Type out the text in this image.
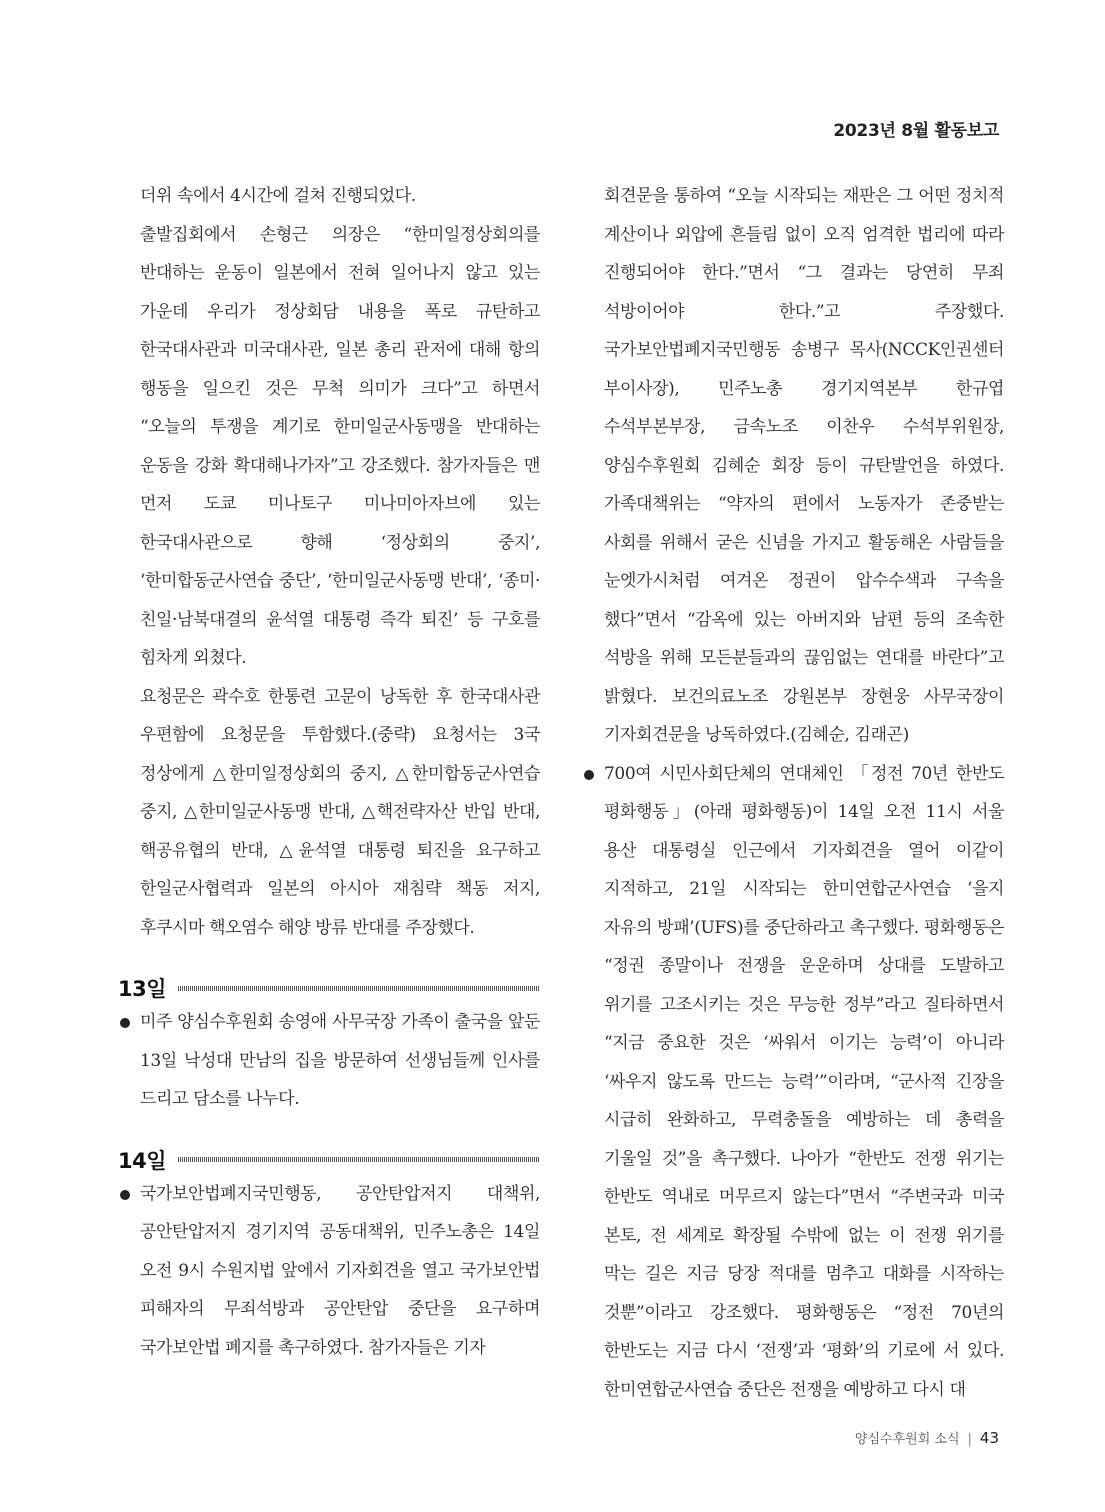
2023년 8월 활동보고

더위 속에서 4시간에 걸쳐 진행되었다.

출발집회에서 손형근 의장은 “한미일정상회의를 반대하는 운동이 일본에서 전혀 일어나지 않고 있는 가운데 우리가 정상회담 내용을 폭로 규탄하고 한국대사관과 미국대사관, 일본 총리 관저에 대해 항의 행동을 일으킨 것은 무척 의미가 크다”고 하면서 “오늘의 투쟁을 계기로 한미일군사동맹을 반대하는 운동을 강화 확대해나가자”고 강조했다. 참가자들은 맨 먼저 도쿄 미나토구 미나미아자브에 있는 한국대사관으로 향해 ‘정상회의 중지’, ‘한미합동군사연습 중단’, ‘한미일군사동맹 반대’, ‘종미·친일·남북대결의 윤석열 대통령 즉각 퇴진’ 등 구호를 힘차게 외쳤다.

요청문은 곽수호 한통련 고문이 낭독한 후 한국대사관 우편함에 요청문을 투함했다.(중략) 요청서는 3국 정상에게 △한미일정상회의 중지, △한미합동군사연습 중지, △한미일군사동맹 반대, △핵전략자산 반입 반대, 핵공유협의 반대, △윤석열 대통령 퇴진을 요구하고 한일군사협력과 일본의 아시아 재침략 책동 저지, 후쿠시마 핵오염수 해양 방류 반대를 주장했다.

13일

미주 양심수후원회 송영애 사무국장 가족이 출국을 앞둔 13일 낙성대 만남의 집을 방문하여 선생님들께 인사를 드리고 담소를 나누다.

14일

국가보안법폐지국민행동, 공안탄압저지 대책위, 공안탄압저지 경기지역 공동대책위, 민주노총은 14일 오전 9시 수원지법 앞에서 기자회견을 열고 국가보안법 피해자의 무죄석방과 공안탄압 중단을 요구하며 국가보안법 폐지를 촉구하였다. 참가자들은 기자

회견문을 통하여 “오늘 시작되는 재판은 그 어떤 정치적 계산이나 외압에 흔들림 없이 오직 엄격한 법리에 따라 진행되어야 한다.”면서 “그 결과는 당연히 무죄 석방이어야 한다.”고 주장했다. 국가보안법폐지국민행동 송병구 목사(NCCK인권센터 부이사장), 민주노총 경기지역본부 한규엽 수석부본부장, 금속노조 이찬우 수석부위원장, 양심수후원회 김혜순 회장 등이 규탄발언을 하였다. 가족대책위는 “약자의 편에서 노동자가 존중받는 사회를 위해서 굳은 신념을 가지고 활동해온 사람들을 눈엣가시처럼 여겨온 정권이 압수수색과 구속을 했다”면서 “감옥에 있는 아버지와 남편 등의 조속한 석방을 위해 모든분들과의 끊임없는 연대를 바란다”고 밝혔다. 보건의료노조 강원본부 장현웅 사무국장이 기자회견문을 낭독하였다.(김혜순, 김래곤)

700여 시민사회단체의 연대체인 「정전 70년 한반도 평화행동」(아래 평화행동)이 14일 오전 11시 서울 용산 대통령실 인근에서 기자회견을 열어 이같이 지적하고, 21일 시작되는 한미연합군사연습 ‘을지 자유의 방패’(UFS)를 중단하라고 촉구했다. 평화행동은 “정권 종말이나 전쟁을 운운하며 상대를 도발하고 위기를 고조시키는 것은 무능한 정부”라고 질타하면서 “지금 중요한 것은 ‘싸워서 이기는 능력’이 아니라 ‘싸우지 않도록 만드는 능력’”이라며, “군사적 긴장을 시급히 완화하고, 무력충돌을 예방하는 데 총력을 기울일 것”을 촉구했다. 나아가 “한반도 전쟁 위기는 한반도 역내로 머무르지 않는다”면서 “주변국과 미국 본토, 전 세계로 확장될 수밖에 없는 이 전쟁 위기를 막는 길은 지금 당장 적대를 멈추고 대화를 시작하는 것뿐”이라고 강조했다. 평화행동은 “정전 70년의 한반도는 지금 다시 ‘전쟁’과 ‘평화’의 기로에 서 있다. 한미연합군사연습 중단은 전쟁을 예방하고 다시 대

양심수후원회 소식 | 43
